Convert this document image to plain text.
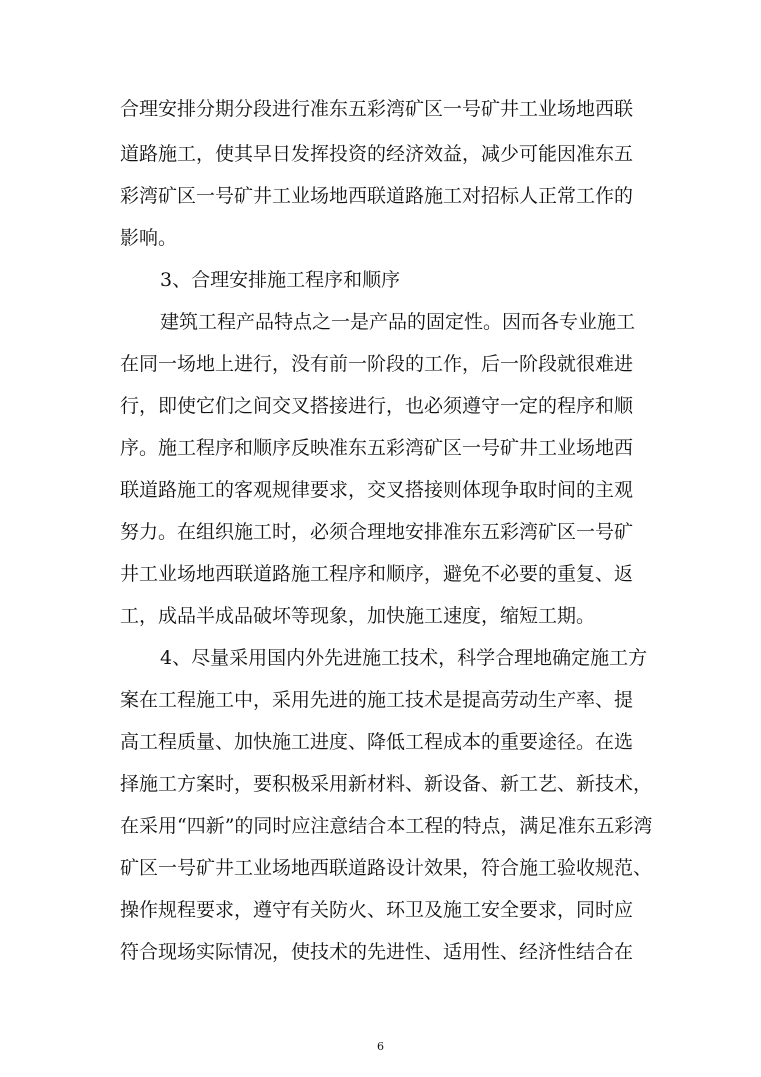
合理安排分期分段进行准东五彩湾矿区一号矿井工业场地西联
道路施工，使其早日发挥投资的经济效益，减少可能因准东五
彩湾矿区一号矿井工业场地西联道路施工对招标人正常工作的
影响。
3、合理安排施工程序和顺序
建筑工程产品特点之一是产品的固定性。因而各专业施工
在同一场地上进行，没有前一阶段的工作，后一阶段就很难进
行，即使它们之间交叉搭接进行，也必须遵守一定的程序和顺
序。施工程序和顺序反映准东五彩湾矿区一号矿井工业场地西
联道路施工的客观规律要求，交叉搭接则体现争取时间的主观
努力。在组织施工时，必须合理地安排准东五彩湾矿区一号矿
井工业场地西联道路施工程序和顺序，避免不必要的重复、返
工，成品半成品破坏等现象，加快施工速度，缩短工期。
4、尽量采用国内外先进施工技术，科学合理地确定施工方
案在工程施工中，采用先进的施工技术是提高劳动生产率、提
高工程质量、加快施工进度、降低工程成本的重要途径。在选
择施工方案时，要积极采用新材料、新设备、新工艺、新技术，
在采用“四新”的同时应注意结合本工程的特点，满足准东五彩湾
矿区一号矿井工业场地西联道路设计效果，符合施工验收规范、
操作规程要求，遵守有关防火、环卫及施工安全要求，同时应
符合现场实际情况，使技术的先进性、适用性、经济性结合在
6
